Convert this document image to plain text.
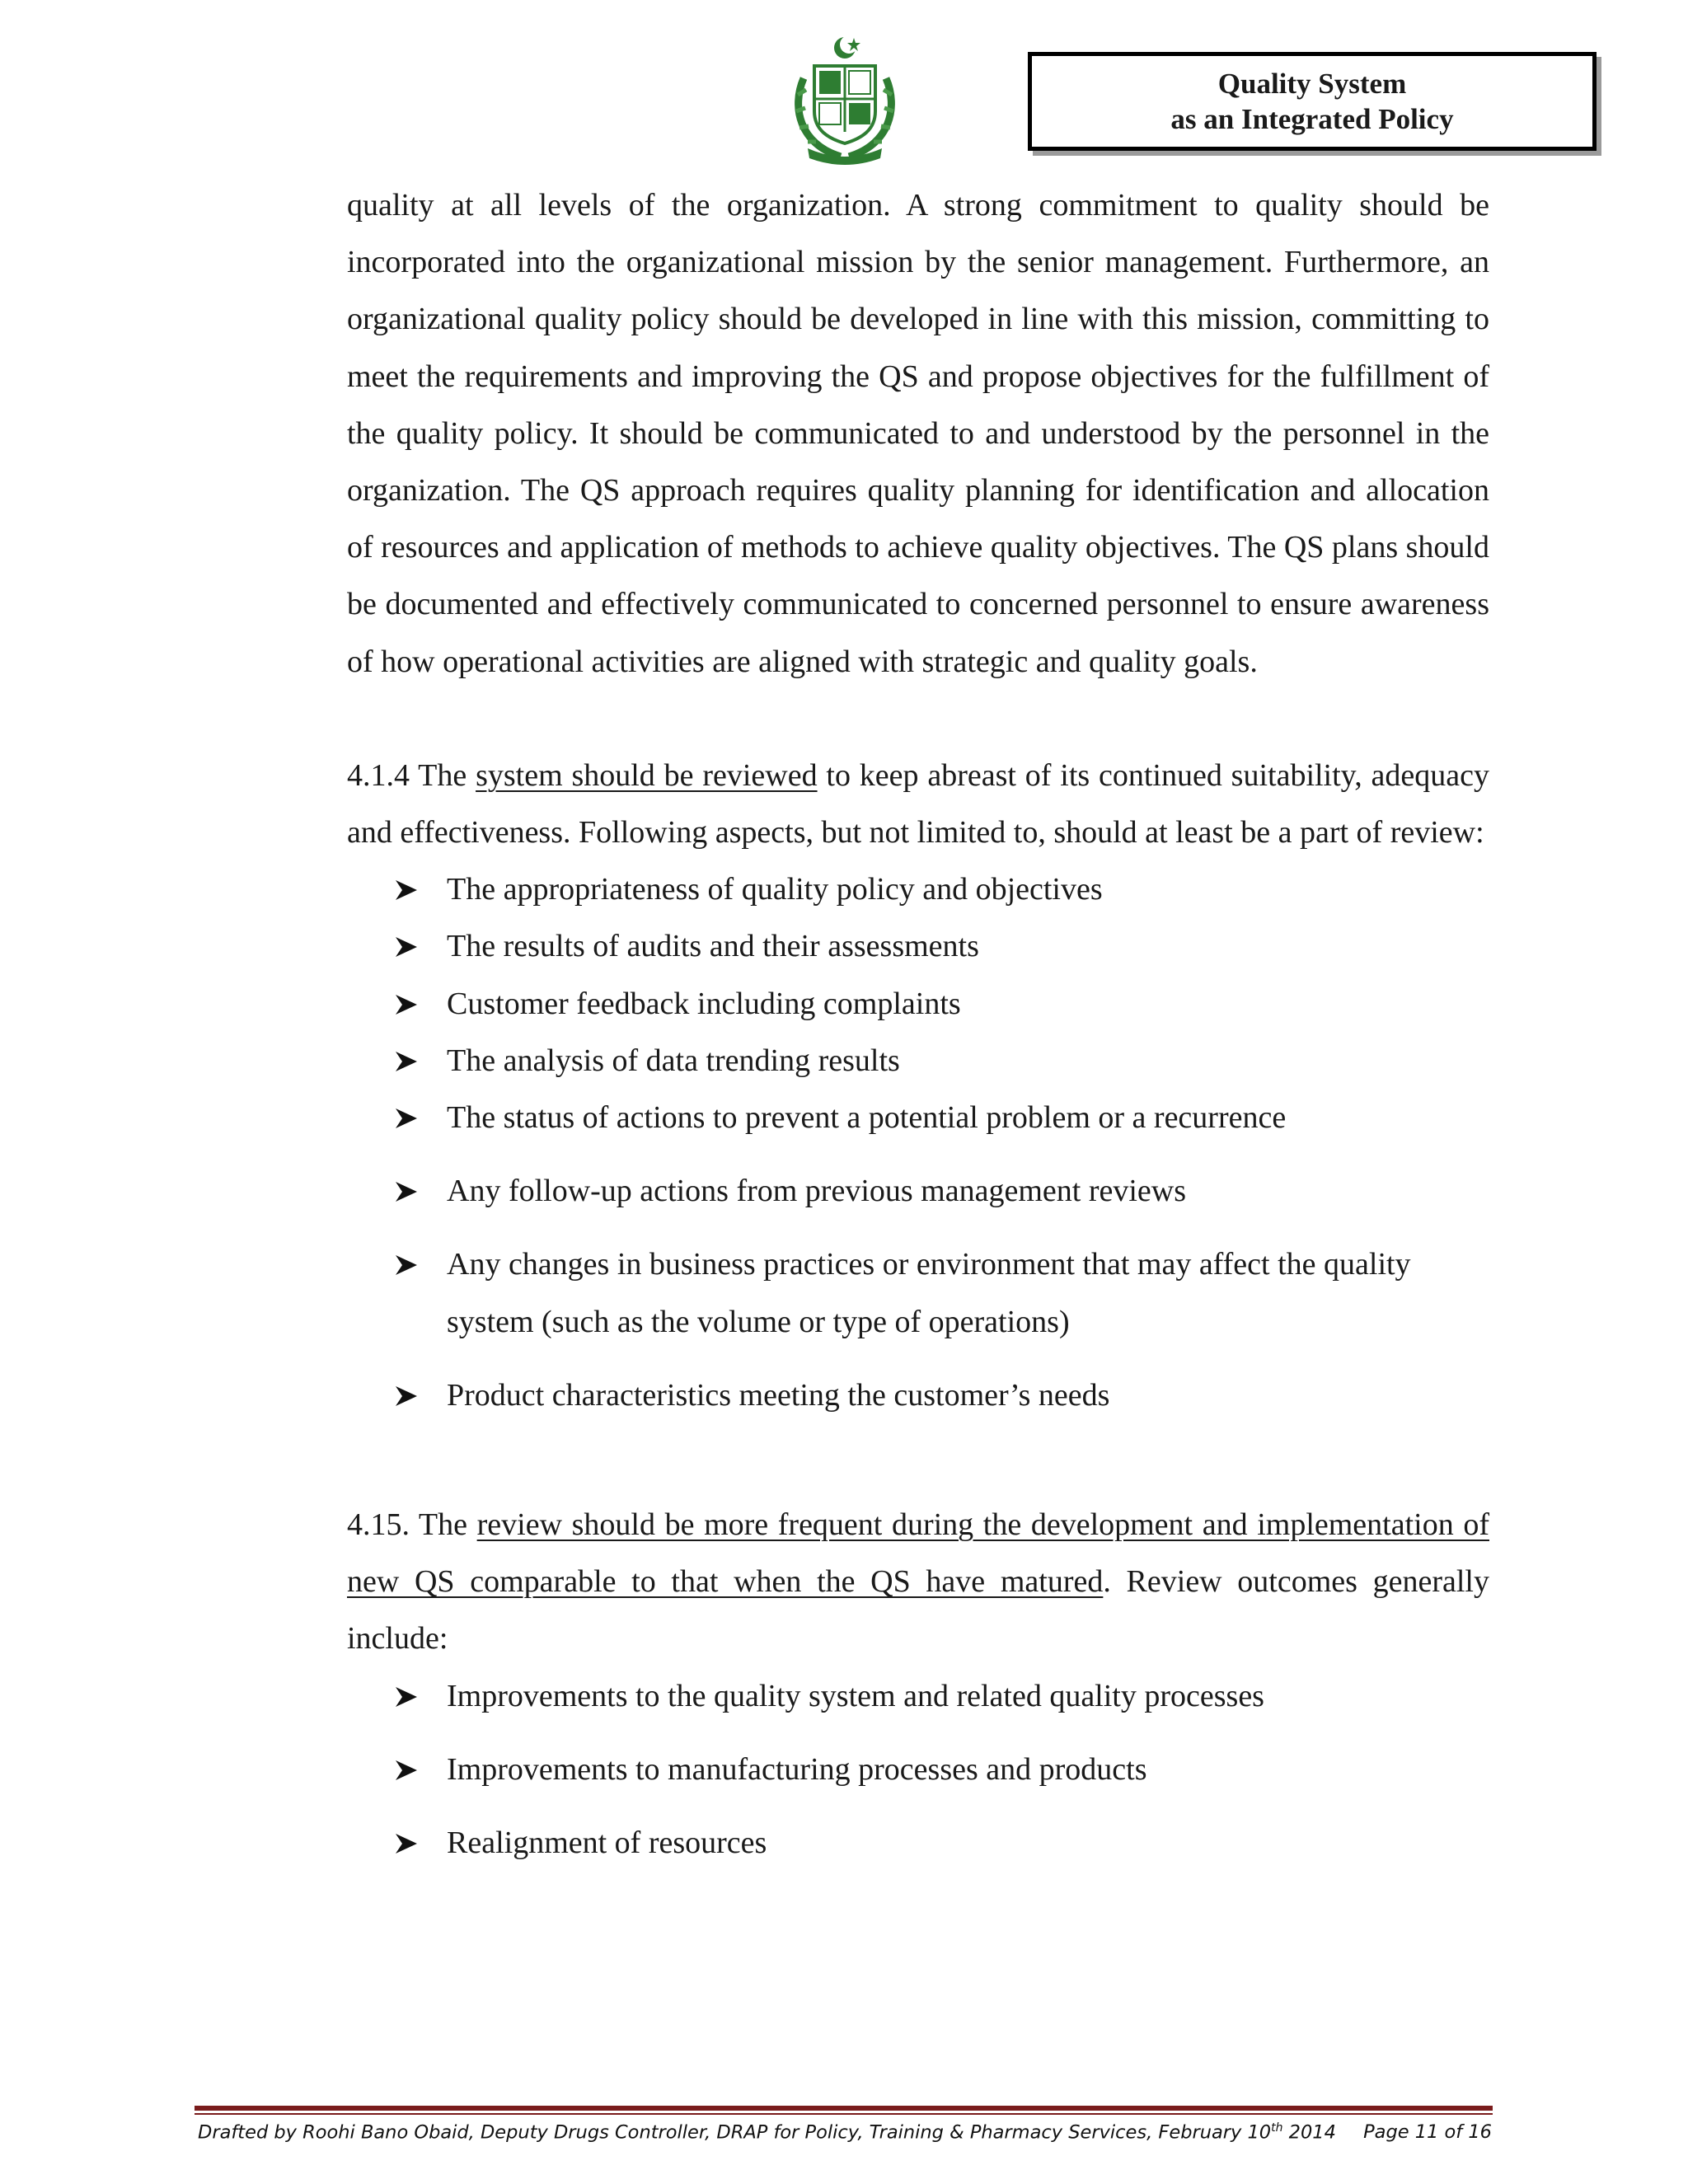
Quality System
as an Integrated Policy

quality at all levels of the organization. A strong commitment to quality should be incorporated into the organizational mission by the senior management. Furthermore, an organizational quality policy should be developed in line with this mission, committing to meet the requirements and improving the QS and propose objectives for the fulfillment of the quality policy. It should be communicated to and understood by the personnel in the organization. The QS approach requires quality planning for identification and allocation of resources and application of methods to achieve quality objectives. The QS plans should be documented and effectively communicated to concerned personnel to ensure awareness of how operational activities are aligned with strategic and quality goals.

4.1.4 The system should be reviewed to keep abreast of its continued suitability, adequacy and effectiveness. Following aspects, but not limited to, should at least be a part of review:

The appropriateness of quality policy and objectives
The results of audits and their assessments
Customer feedback including complaints
The analysis of data trending results
The status of actions to prevent a potential problem or a recurrence
Any follow-up actions from previous management reviews
Any changes in business practices or environment that may affect the quality system (such as the volume or type of operations)
Product characteristics meeting the customer’s needs

4.15. The review should be more frequent during the development and implementation of new QS comparable to that when the QS have matured. Review outcomes generally include:

Improvements to the quality system and related quality processes
Improvements to manufacturing processes and products
Realignment of resources
Drafted by Roohi Bano Obaid, Deputy Drugs Controller, DRAP for Policy, Training & Pharmacy Services, February 10th 2014 Page 11 of 16
